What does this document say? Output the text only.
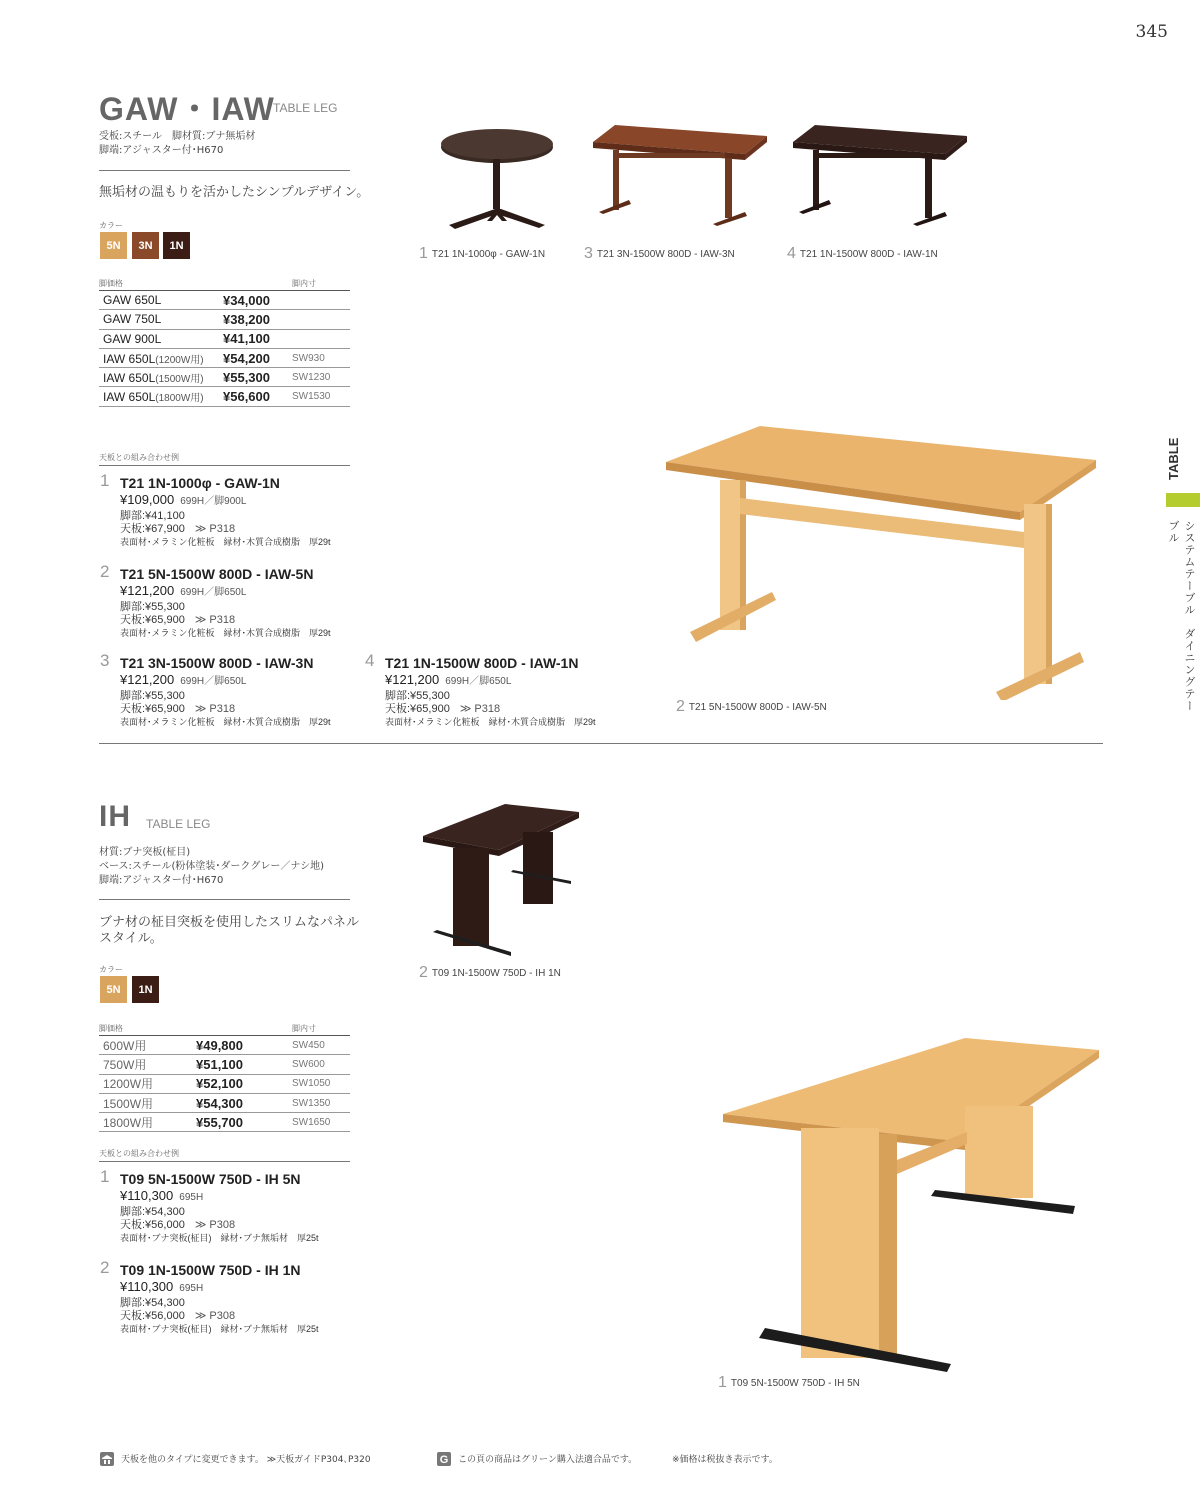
345
GAW・IAW
TABLE LEG
受板:スチール　脚材質:ブナ無垢材
脚端:アジャスター付･H670
無垢材の温もりを活かしたシンプルデザイン。
カラー
5N	3N	1N
脚価格	脚内寸
GAW 650L	¥34,000	
GAW 750L	¥38,200	
GAW 900L	¥41,100	
IAW 650L(1200W用)	¥54,200	SW930
IAW 650L(1500W用)	¥55,300	SW1230
IAW 650L(1800W用)	¥56,600	SW1530
天板との組み合わせ例
1 T21 1N-1000φ - GAW-1N
¥109,000 699H／脚900L
脚部:¥41,100
天板:¥67,900 ≫ P318
表面材･メラミン化粧板　縁材･木質合成樹脂　厚29t
2 T21 5N-1500W 800D - IAW-5N
¥121,200 699H／脚650L
脚部:¥55,300
天板:¥65,900 ≫ P318
表面材･メラミン化粧板　縁材･木質合成樹脂　厚29t
3 T21 3N-1500W 800D - IAW-3N
¥121,200 699H／脚650L
脚部:¥55,300
天板:¥65,900 ≫ P318
表面材･メラミン化粧板　縁材･木質合成樹脂　厚29t
4 T21 1N-1500W 800D - IAW-1N
¥121,200 699H／脚650L
脚部:¥55,300
天板:¥65,900 ≫ P318
表面材･メラミン化粧板　縁材･木質合成樹脂　厚29t
1 T21 1N-1000φ - GAW-1N 3 T21 3N-1500W 800D - IAW-3N	4 T21 1N-1500W 800D - IAW-1N
2 T21 5N-1500W 800D - IAW-5N
IH TABLE LEG
材質:ブナ突板(柾目)
ベース:スチール(粉体塗装･ダークグレー／ナシ地)
脚端:アジャスター付･H670
ブナ材の柾目突板を使用したスリムなパネル
スタイル。
カラー
5N	1N
脚価格	脚内寸
600W用	¥49,800	SW450
750W用	¥51,100	SW600
1200W用	¥52,100	SW1050
1500W用	¥54,300	SW1350
1800W用	¥55,700	SW1650
天板との組み合わせ例
1 T09 5N-1500W 750D - IH 5N
¥110,300 695H
脚部:¥54,300
天板:¥56,000 ≫ P308
表面材･ブナ突板(柾目)　縁材･ブナ無垢材　厚25t
2 T09 1N-1500W 750D - IH 1N
¥110,300 695H
脚部:¥54,300
天板:¥56,000 ≫ P308
表面材･ブナ突板(柾目)　縁材･ブナ無垢材　厚25t
2 T09 1N-1500W 750D - IH 1N
1 T09 5N-1500W 750D - IH 5N
TABLE
システムテーブル　ダイニングテーブル
天板を他のタイプに変更できます。 ≫天板ガイドP304､P320	G この頁の商品はグリーン購入法適合品です。	※価格は税抜き表示です。
